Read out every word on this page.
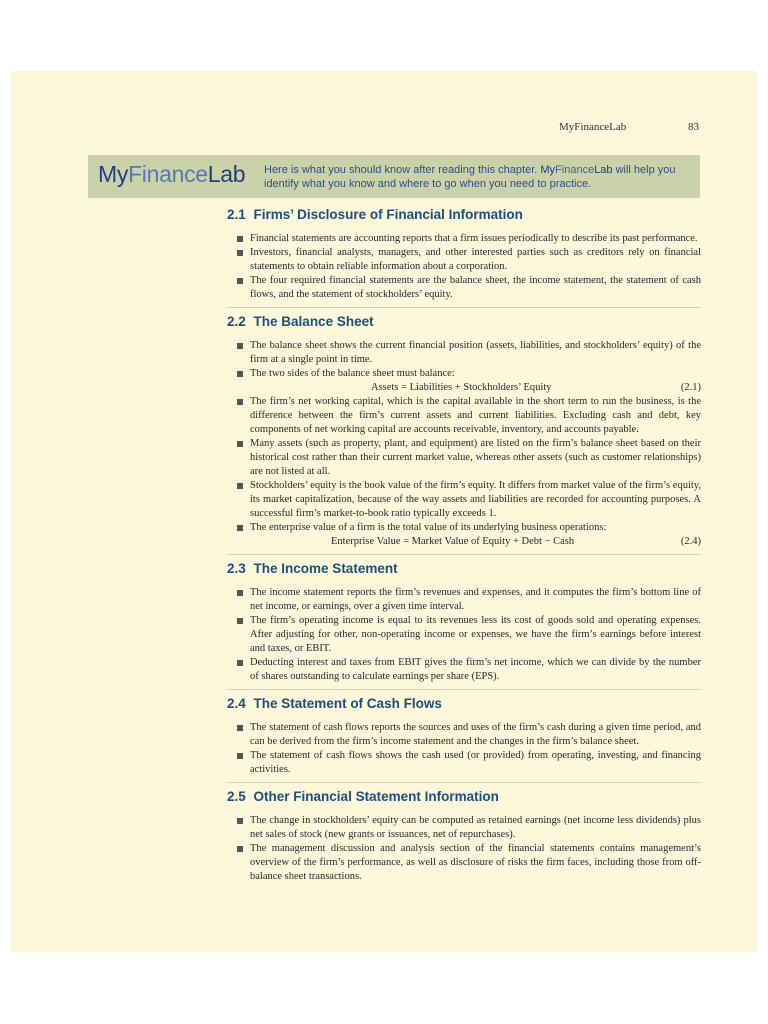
MyFinanceLab	83
MyFinanceLab Here is what you should know after reading this chapter. MyFinanceLab will help you identify what you know and where to go when you need to practice.
2.1 Firms’ Disclosure of Financial Information
Financial statements are accounting reports that a firm issues periodically to describe its past performance.
Investors, financial analysts, managers, and other interested parties such as creditors rely on financial statements to obtain reliable information about a corporation.
The four required financial statements are the balance sheet, the income statement, the statement of cash flows, and the statement of stockholders’ equity.
2.2 The Balance Sheet
The balance sheet shows the current financial position (assets, liabilities, and stockholders’ equity) of the firm at a single point in time.
The two sides of the balance sheet must balance:
Assets = Liabilities + Stockholders’ Equity	(2.1)
The firm’s net working capital, which is the capital available in the short term to run the business, is the difference between the firm’s current assets and current liabilities. Excluding cash and debt, key components of net working capital are accounts receivable, inventory, and accounts payable.
Many assets (such as property, plant, and equipment) are listed on the firm’s balance sheet based on their historical cost rather than their current market value, whereas other assets (such as customer relationships) are not listed at all.
Stockholders’ equity is the book value of the firm’s equity. It differs from market value of the firm’s equity, its market capitalization, because of the way assets and liabilities are recorded for accounting purposes. A successful firm’s market-to-book ratio typically exceeds 1.
The enterprise value of a firm is the total value of its underlying business operations:
Enterprise Value = Market Value of Equity + Debt − Cash	(2.4)
2.3 The Income Statement
The income statement reports the firm’s revenues and expenses, and it computes the firm’s bottom line of net income, or earnings, over a given time interval.
The firm’s operating income is equal to its revenues less its cost of goods sold and operating expenses. After adjusting for other, non-operating income or expenses, we have the firm’s earnings before interest and taxes, or EBIT.
Deducting interest and taxes from EBIT gives the firm’s net income, which we can divide by the number of shares outstanding to calculate earnings per share (EPS).
2.4 The Statement of Cash Flows
The statement of cash flows reports the sources and uses of the firm’s cash during a given time period, and can be derived from the firm’s income statement and the changes in the firm’s balance sheet.
The statement of cash flows shows the cash used (or provided) from operating, investing, and financing activities.
2.5 Other Financial Statement Information
The change in stockholders’ equity can be computed as retained earnings (net income less dividends) plus net sales of stock (new grants or issuances, net of repurchases).
The management discussion and analysis section of the financial statements contains management’s overview of the firm’s performance, as well as disclosure of risks the firm faces, including those from off-balance sheet transactions.
